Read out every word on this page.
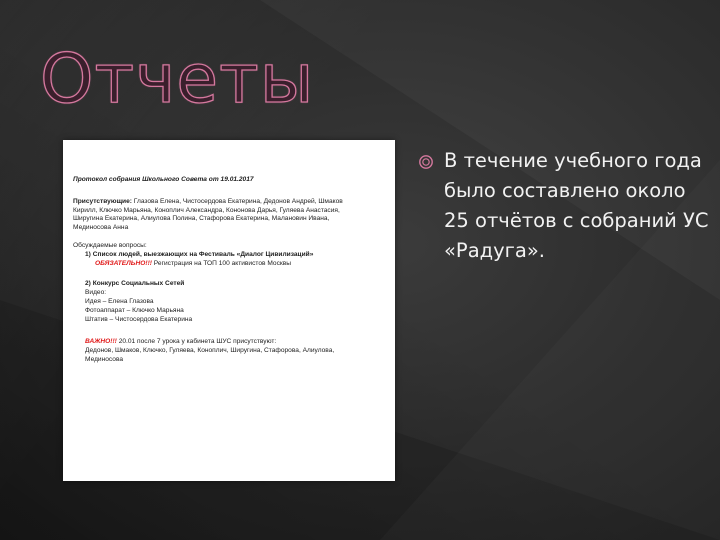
Отчеты

Протокол собрания Школьного Совета от 19.01.2017

Присутствующие: Глазова Елена, Чистосердова Екатерина, Дедонов Андрей, Шмаков

Кирилл, Ключко Марьяна, Коноплич Александра, Кононова Дарья, Гуляева Анастасия,

Ширугина Екатерина, Алиулова Полина, Стафорова Екатерина, Малановин Ивана,

Мединосова Анна

Обсуждаемые вопросы:

1) Список людей, выезжающих на Фестиваль «Диалог Цивилизаций»

ОБЯЗАТЕЛЬНО!!! Регистрация на ТОП 100 активистов Москвы

2) Конкурс Социальных Сетей

Видео:

Идея – Елена Глазова

Фотоаппарат – Ключко Марьяна

Штатив – Чистосердова Екатерина

ВАЖНО!!! 20.01 после 7 урока у кабинета ШУС присутствуют:

Дедонов, Шмаков, Ключко, Гуляева, Коноплич, Ширугина, Стафорова, Алиулова,

Мединосова

В течение учебного года было составлено около 25 отчётов с собраний УС «Радуга».
